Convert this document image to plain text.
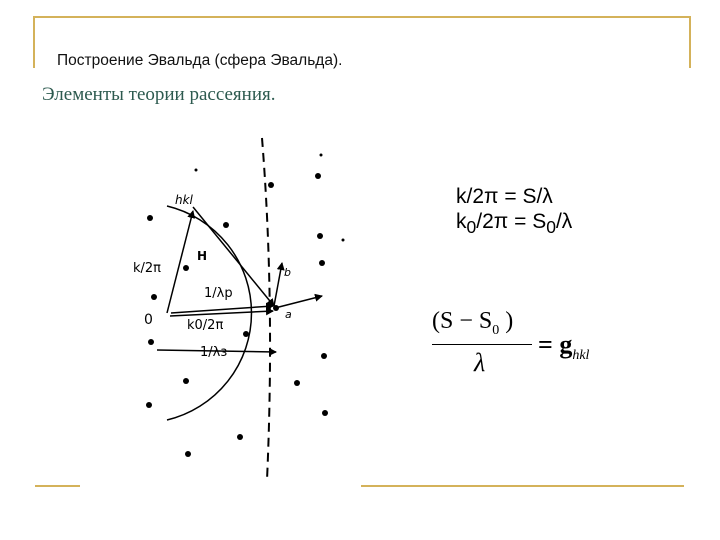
Построение Эвальда (сфера Эвальда).
Элементы теории рассеяния.
hkl
H
k/2π
1/λp
0	k0/2π
1/λз
a
b
k/2π = S/λ
$k_0/2\pi = S_0/\lambda$
($S - S_0$ )
λ
= $g_{hkl}$
